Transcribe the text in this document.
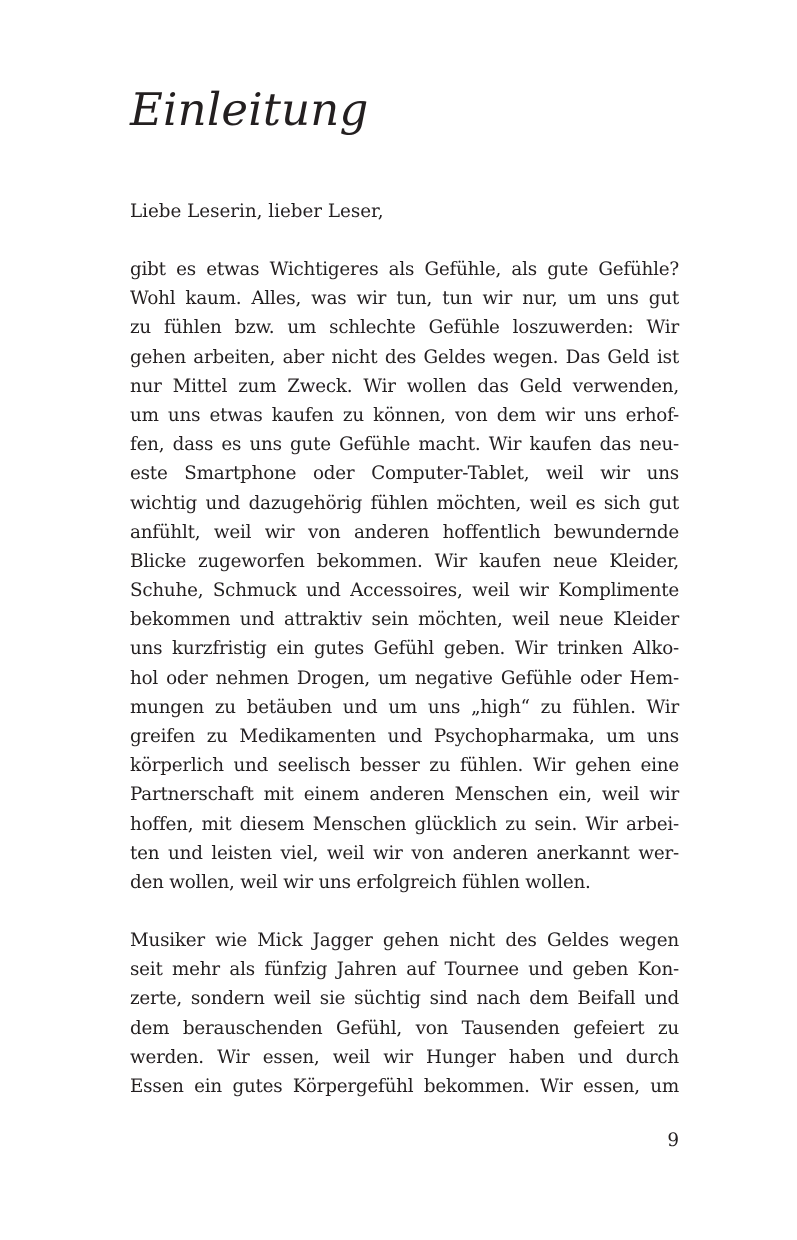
Einleitung

Liebe Leserin, lieber Leser,

gibt es etwas Wichtigeres als Gefühle, als gute Gefühle?
Wohl kaum. Alles, was wir tun, tun wir nur, um uns gut
zu fühlen bzw. um schlechte Gefühle loszuwerden: Wir
gehen arbeiten, aber nicht des Geldes wegen. Das Geld ist
nur Mittel zum Zweck. Wir wollen das Geld verwenden,
um uns etwas kaufen zu können, von dem wir uns erhof-
fen, dass es uns gute Gefühle macht. Wir kaufen das neu-
este Smartphone oder Computer-Tablet, weil wir uns
wichtig und dazugehörig fühlen möchten, weil es sich gut
anfühlt, weil wir von anderen hoffentlich bewundernde
Blicke zugeworfen bekommen. Wir kaufen neue Kleider,
Schuhe, Schmuck und Accessoires, weil wir Komplimente
bekommen und attraktiv sein möchten, weil neue Kleider
uns kurzfristig ein gutes Gefühl geben. Wir trinken Alko-
hol oder nehmen Drogen, um negative Gefühle oder Hem-
mungen zu betäuben und um uns „high“ zu fühlen. Wir
greifen zu Medikamenten und Psychopharmaka, um uns
körperlich und seelisch besser zu fühlen. Wir gehen eine
Partnerschaft mit einem anderen Menschen ein, weil wir
hoffen, mit diesem Menschen glücklich zu sein. Wir arbei-
ten und leisten viel, weil wir von anderen anerkannt wer-
den wollen, weil wir uns erfolgreich fühlen wollen.
Musiker wie Mick Jagger gehen nicht des Geldes wegen
seit mehr als fünfzig Jahren auf Tournee und geben Kon-
zerte, sondern weil sie süchtig sind nach dem Beifall und
dem berauschenden Gefühl, von Tausenden gefeiert zu
werden. Wir essen, weil wir Hunger haben und durch
Essen ein gutes Körpergefühl bekommen. Wir essen, um
9
